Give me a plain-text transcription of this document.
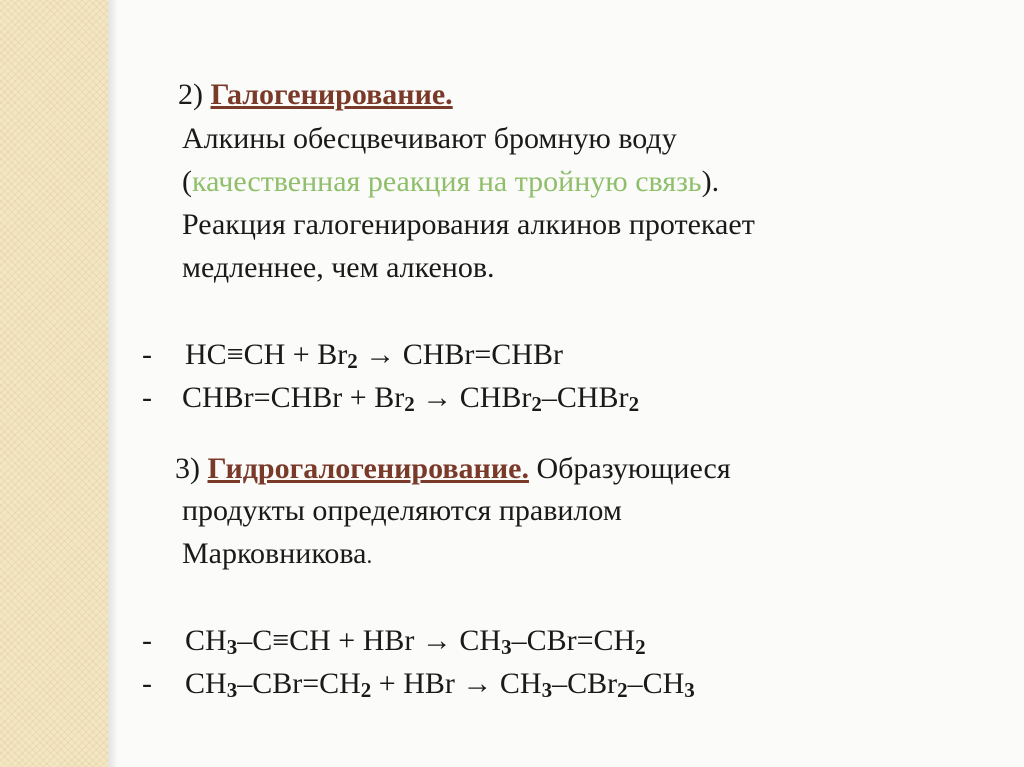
2) Галогенирование.
Алкины обесцвечивают бромную воду
(качественная реакция на тройную связь).
Реакция галогенирования алкинов протекает
медленнее, чем алкенов.
- $HC\equiv CH + Br_2$ → CHBr=CHBr
- CHBr=CHBr + $Br_2$ → CHBr$_2$–CHBr$_2$
3) Гидрогалогенирование. Образующиеся
продукты определяются правилом
Марковникова.
- $CH_3-C\equiv CH$ + HBr → $CH_3-CBr=CH_2$
- $CH_3-CBr=CH_2$ + HBr → $CH_3-CBr_2-CH_3$
